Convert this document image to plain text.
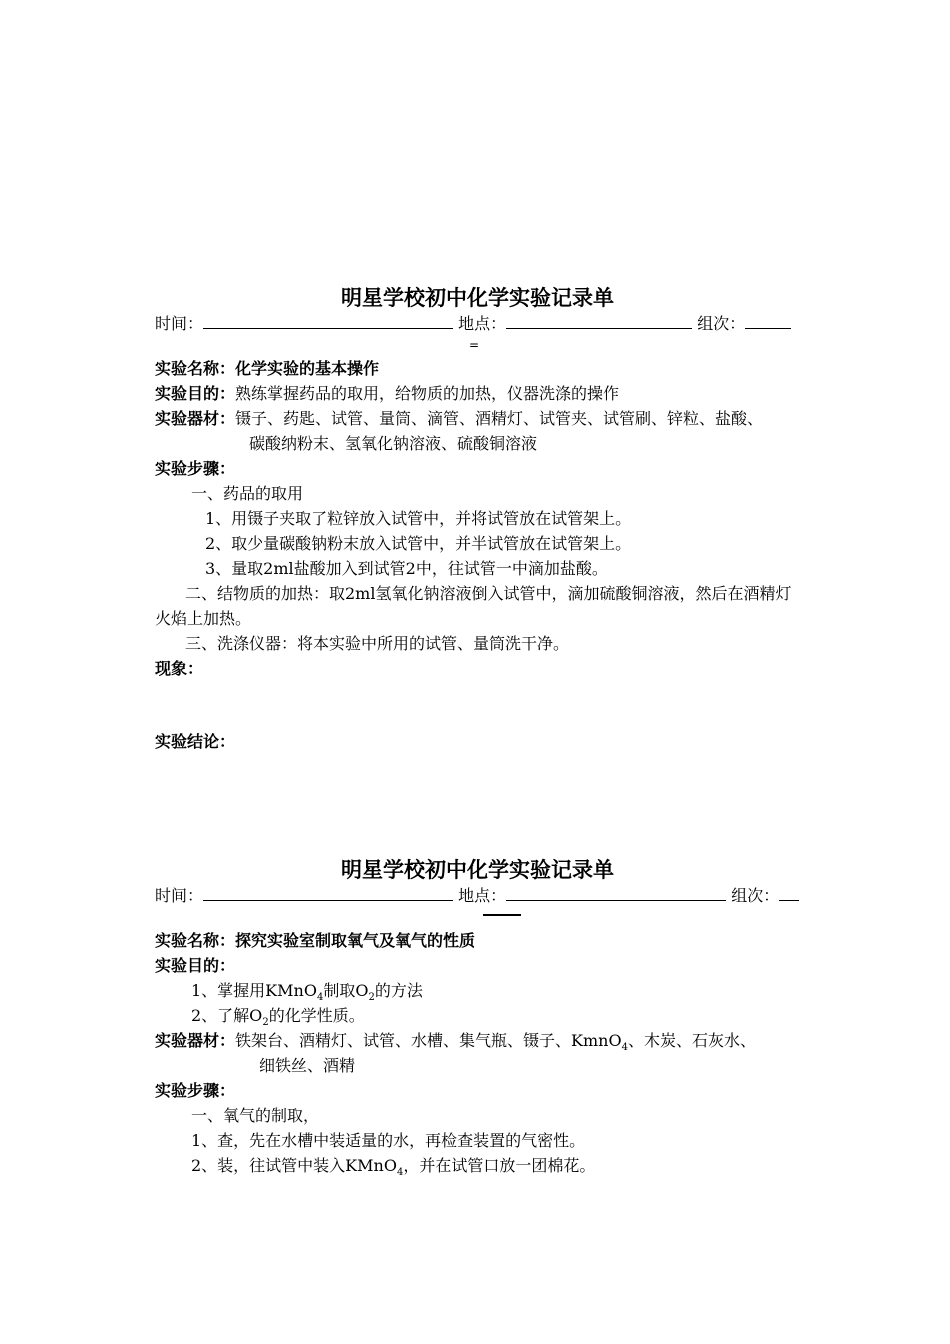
明星学校初中化学实验记录单
时间：	地点：	组次：
=
实验名称：化学实验的基本操作
实验目的：熟练掌握药品的取用，给物质的加热，仪器洗涤的操作
实验器材：镊子、药匙、试管、量筒、滴管、酒精灯、试管夹、试管刷、锌粒、盐酸、
碳酸纳粉末、氢氧化钠溶液、硫酸铜溶液
实验步骤：
一、药品的取用
1、用镊子夹取了粒锌放入试管中，并将试管放在试管架上。
2、取少量碳酸钠粉末放入试管中，并半试管放在试管架上。
3、量取2ml盐酸加入到试管2中，往试管一中滴加盐酸。

二、结物质的加热：取2ml氢氧化钠溶液倒入试管中，滴加硫酸铜溶液，然后在酒精灯火焰上加热。

三、洗涤仪器：将本实验中所用的试管、量筒洗干净。
现象：
实验结论：
明星学校初中化学实验记录单
时间：	地点：	组次：
实验名称：探究实验室制取氧气及氧气的性质
实验目的：
1、掌握用KMnO$_4$制取$O_2$的方法
2、了解$O_2$的化学性质。
实验器材：铁架台、酒精灯、试管、水槽、集气瓶、镊子、KmnO$_4$、木炭、石灰水、
细铁丝、酒精
实验步骤：
一、氧气的制取，
1、查，先在水槽中装适量的水，再检查装置的气密性。
2、装，往试管中装入KMnO$_4$，并在试管口放一团棉花。
